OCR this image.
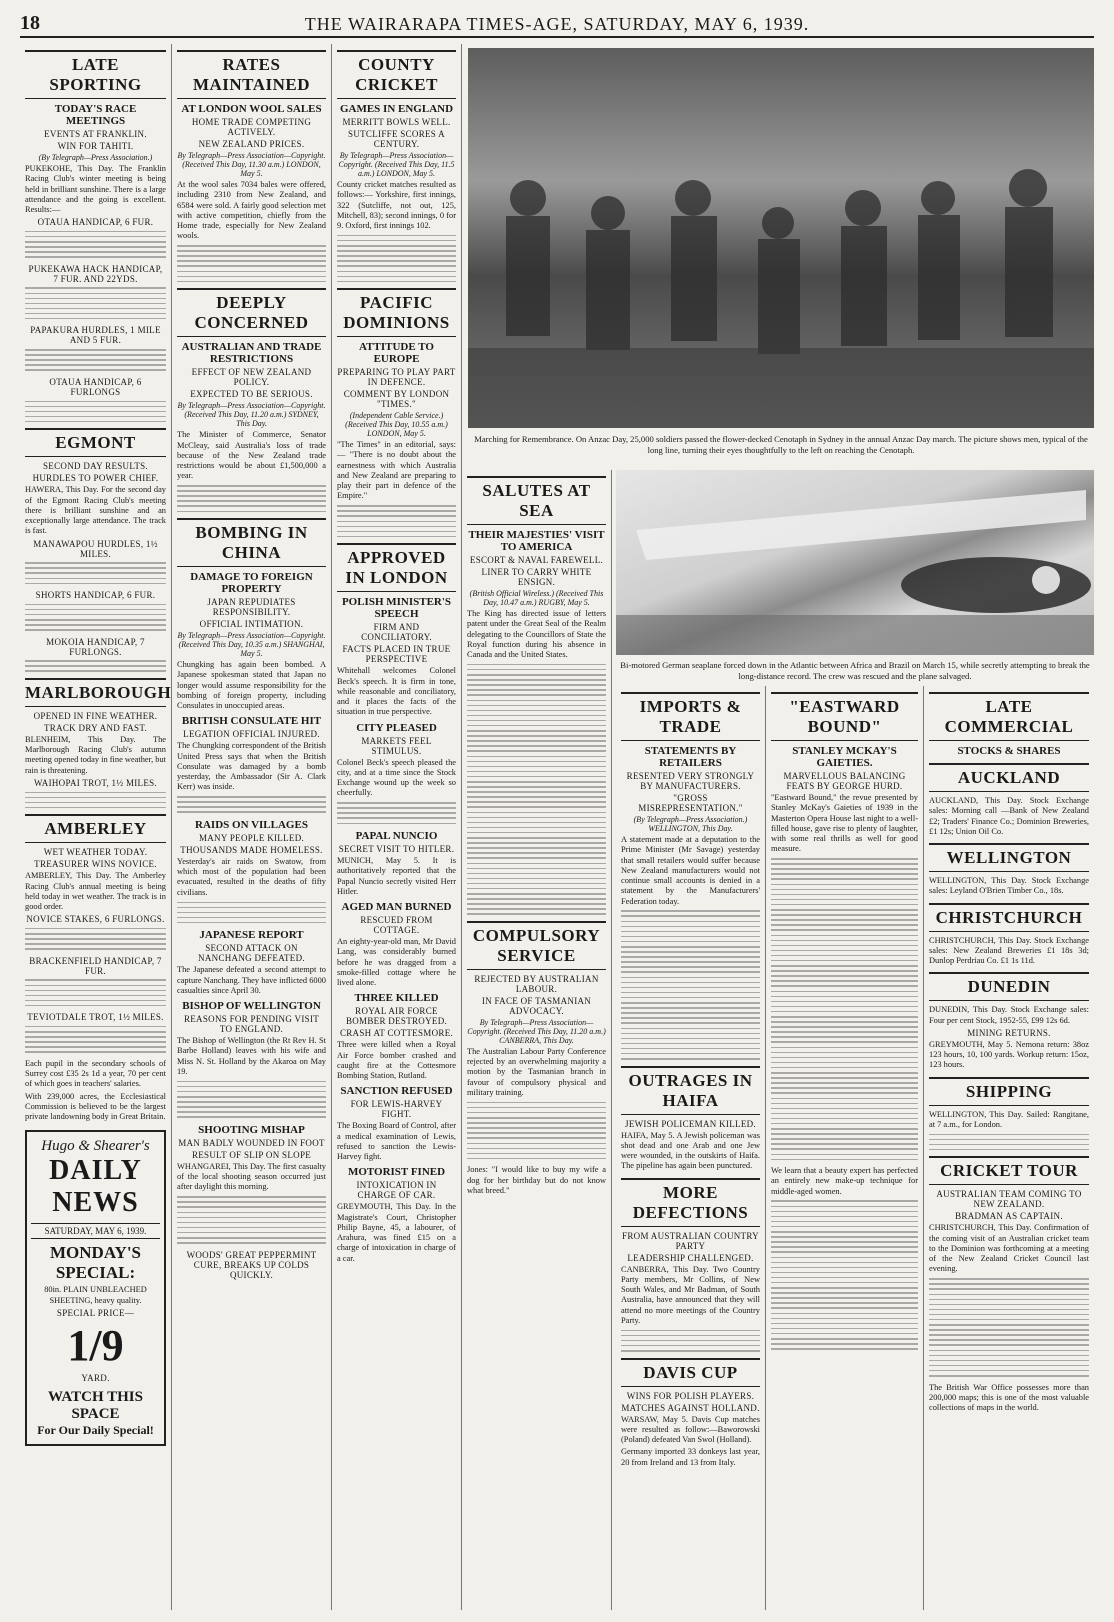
18	THE WAIRARAPA TIMES-AGE, SATURDAY, MAY 6, 1939.
LATE SPORTING
TODAY'S RACE MEETINGS
EVENTS AT FRANKLIN.
WIN FOR TAHITI.
(By Telegraph—Press Association.)
PUKEKOHE, This Day. The Franklin Racing Club's winter meeting is being held in brilliant sunshine. There is a large attendance and the going is excellent. Results:—
OTAUA HANDICAP, 6 FUR.
PUKEKAWA HACK HANDICAP, 7 FUR. AND 22YDS.
PAPAKURA HURDLES, 1 MILE AND 5 FUR.
OTAUA HANDICAP, 6 FURLONGS
EGMONT
SECOND DAY RESULTS.
HURDLES TO POWER CHIEF.
HAWERA, This Day. For the second day of the Egmont Racing Club's meeting there is brilliant sunshine and an exceptionally large attendance. The track is fast.
MANAWAPOU HURDLES, 1½ MILES.
SHORTS HANDICAP, 6 FUR.
MOKOIA HANDICAP, 7 FURLONGS.
MARLBOROUGH
OPENED IN FINE WEATHER.
TRACK DRY AND FAST.
BLENHEIM, This Day. The Marlborough Racing Club's autumn meeting opened today in fine weather, but rain is threatening.
WAIHOPAI TROT, 1½ MILES.
AMBERLEY
WET WEATHER TODAY.
TREASURER WINS NOVICE.
AMBERLEY, This Day. The Amberley Racing Club's annual meeting is being held today in wet weather. The track is in good order.
NOVICE STAKES, 6 FURLONGS.
BRACKENFIELD HANDICAP, 7 FUR.
TEVIOTDALE TROT, 1½ MILES.
Each pupil in the secondary schools of Surrey cost £35 2s 1d a year, 70 per cent of which goes in teachers' salaries.
With 239,000 acres, the Ecclesiastical Commission is believed to be the largest private landowning body in Great Britain.
Hugo & Shearer's
DAILY NEWS
SATURDAY, MAY 6, 1939.
MONDAY'S
SPECIAL:
80in. PLAIN UNBLEACHED SHEETING, heavy quality.
SPECIAL PRICE—
1/9
YARD.
WATCH THIS SPACE
For Our Daily Special!
RATES MAINTAINED
AT LONDON WOOL SALES
HOME TRADE COMPETING ACTIVELY.
NEW ZEALAND PRICES.
By Telegraph—Press Association—Copyright. (Received This Day, 11.30 a.m.) LONDON, May 5.
At the wool sales 7034 bales were offered, including 2310 from New Zealand, and 6584 were sold. A fairly good selection met with active competition, chiefly from the Home trade, especially for New Zealand wools.
DEEPLY CONCERNED
AUSTRALIAN AND TRADE RESTRICTIONS
EFFECT OF NEW ZEALAND POLICY.
EXPECTED TO BE SERIOUS.
By Telegraph—Press Association—Copyright. (Received This Day, 11.20 a.m.) SYDNEY, This Day.
The Minister of Commerce, Senator McCleay, said Australia's loss of trade because of the New Zealand trade restrictions would be about £1,500,000 a year.
BOMBING IN CHINA
DAMAGE TO FOREIGN PROPERTY
JAPAN REPUDIATES RESPONSIBILITY.
OFFICIAL INTIMATION.
By Telegraph—Press Association—Copyright. (Received This Day, 10.35 a.m.) SHANGHAI, May 5.
Chungking has again been bombed. A Japanese spokesman stated that Japan no longer would assume responsibility for the bombing of foreign property, including Consulates in unoccupied areas.
BRITISH CONSULATE HIT
LEGATION OFFICIAL INJURED.
The Chungking correspondent of the British United Press says that when the British Consulate was damaged by a bomb yesterday, the Ambassador (Sir A. Clark Kerr) was inside.
RAIDS ON VILLAGES
MANY PEOPLE KILLED.
THOUSANDS MADE HOMELESS.
Yesterday's air raids on Swatow, from which most of the population had been evacuated, resulted in the deaths of fifty civilians.
JAPANESE REPORT
SECOND ATTACK ON NANCHANG DEFEATED.
The Japanese defeated a second attempt to capture Nanchang. They have inflicted 6000 casualties since April 30.
BISHOP OF WELLINGTON
REASONS FOR PENDING VISIT TO ENGLAND.
The Bishop of Wellington (the Rt Rev H. St Barbe Holland) leaves with his wife and Miss N. St. Holland by the Akaroa on May 19.
SHOOTING MISHAP
MAN BADLY WOUNDED IN FOOT
RESULT OF SLIP ON SLOPE
WHANGAREI, This Day. The first casualty of the local shooting season occurred just after daylight this morning.
WOODS' GREAT PEPPERMINT CURE, BREAKS UP COLDS QUICKLY.
COUNTY CRICKET
GAMES IN ENGLAND
MERRITT BOWLS WELL.
SUTCLIFFE SCORES A CENTURY.
By Telegraph—Press Association—Copyright. (Received This Day, 11.5 a.m.) LONDON, May 5.
County cricket matches resulted as follows:— Yorkshire, first innings, 322 (Sutcliffe, not out, 125, Mitchell, 83); second innings, 0 for 9. Oxford, first innings 102.
PACIFIC DOMINIONS
ATTITUDE TO EUROPE
PREPARING TO PLAY PART IN DEFENCE.
COMMENT BY LONDON "TIMES."
(Independent Cable Service.) (Received This Day, 10.55 a.m.) LONDON, May 5.
"The Times" in an editorial, says:— "There is no doubt about the earnestness with which Australia and New Zealand are preparing to play their part in defence of the Empire."
APPROVED IN LONDON
POLISH MINISTER'S SPEECH
FIRM AND CONCILIATORY.
FACTS PLACED IN TRUE PERSPECTIVE
Whitehall welcomes Colonel Beck's speech. It is firm in tone, while reasonable and conciliatory, and it places the facts of the situation in true perspective.
CITY PLEASED
MARKETS FEEL STIMULUS.
Colonel Beck's speech pleased the city, and at a time since the Stock Exchange wound up the week so cheerfully.
PAPAL NUNCIO
SECRET VISIT TO HITLER.
MUNICH, May 5. It is authoritatively reported that the Papal Nuncio secretly visited Herr Hitler.
AGED MAN BURNED
RESCUED FROM COTTAGE.
An eighty-year-old man, Mr David Lang, was considerably burned before he was dragged from a smoke-filled cottage where he lived alone.
THREE KILLED
ROYAL AIR FORCE BOMBER DESTROYED.
CRASH AT COTTESMORE.
Three were killed when a Royal Air Force bomber crashed and caught fire at the Cottesmore Bombing Station, Rutland.
SANCTION REFUSED
FOR LEWIS-HARVEY FIGHT.
The Boxing Board of Control, after a medical examination of Lewis, refused to sanction the Lewis-Harvey fight.
MOTORIST FINED
INTOXICATION IN CHARGE OF CAR.
GREYMOUTH, This Day. In the Magistrate's Court, Christopher Philip Bayne, 45, a labourer, of Arahura, was fined £15 on a charge of intoxication in charge of a car.
Marching for Remembrance. On Anzac Day, 25,000 soldiers passed the flower-decked Cenotaph in Sydney in the annual Anzac Day march. The picture shows men, typical of the long line, turning their eyes thoughtfully to the left on reaching the Cenotaph.
SALUTES AT SEA
THEIR MAJESTIES' VISIT TO AMERICA
ESCORT & NAVAL FAREWELL.
LINER TO CARRY WHITE ENSIGN.
(British Official Wireless.) (Received This Day, 10.47 a.m.) RUGBY, May 5.
The King has directed issue of letters patent under the Great Seal of the Realm delegating to the Councillors of State the Royal function during his absence in Canada and the United States.
COMPULSORY SERVICE
REJECTED BY AUSTRALIAN LABOUR.
IN FACE OF TASMANIAN ADVOCACY.
By Telegraph—Press Association—Copyright. (Received This Day, 11.20 a.m.) CANBERRA, This Day.
The Australian Labour Party Conference rejected by an overwhelming majority a motion by the Tasmanian branch in favour of compulsory physical and military training.
Jones: "I would like to buy my wife a dog for her birthday but do not know what breed."
Bi-motored German seaplane forced down in the Atlantic between Africa and Brazil on March 15, while secretly attempting to break the long-distance record. The crew was rescued and the plane salvaged.
IMPORTS & TRADE
STATEMENTS BY RETAILERS
RESENTED VERY STRONGLY BY MANUFACTURERS.
"GROSS MISREPRESENTATION."
(By Telegraph—Press Association.) WELLINGTON, This Day.
A statement made at a deputation to the Prime Minister (Mr Savage) yesterday that small retailers would suffer because New Zealand manufacturers would not continue small accounts is denied in a statement by the Manufacturers' Federation today.
OUTRAGES IN HAIFA
JEWISH POLICEMAN KILLED.
HAIFA, May 5. A Jewish policeman was shot dead and one Arab and one Jew were wounded, in the outskirts of Haifa. The pipeline has again been punctured.
MORE DEFECTIONS
FROM AUSTRALIAN COUNTRY PARTY
LEADERSHIP CHALLENGED.
CANBERRA, This Day. Two Country Party members, Mr Collins, of New South Wales, and Mr Badman, of South Australia, have announced that they will attend no more meetings of the Country Party.
DAVIS CUP
WINS FOR POLISH PLAYERS.
MATCHES AGAINST HOLLAND.
WARSAW, May 5. Davis Cup matches were resulted as follow:—Baworowski (Poland) defeated Van Swol (Holland).
Germany imported 33 donkeys last year, 20 from Ireland and 13 from Italy.
"EASTWARD BOUND"
STANLEY MCKAY'S GAIETIES.
MARVELLOUS BALANCING FEATS BY GEORGE HURD.
"Eastward Bound," the revue presented by Stanley McKay's Gaieties of 1939 in the Masterton Opera House last night to a well-filled house, gave rise to plenty of laughter, with some real thrills as well for good measure.
We learn that a beauty expert has perfected an entirely new make-up technique for middle-aged women.
LATE COMMERCIAL
STOCKS & SHARES
AUCKLAND
AUCKLAND, This Day. Stock Exchange sales: Morning call —Bank of New Zealand £2; Traders' Finance Co.; Dominion Breweries, £1 12s; Union Oil Co.
WELLINGTON
WELLINGTON, This Day. Stock Exchange sales: Leyland O'Brien Timber Co., 18s.
CHRISTCHURCH
CHRISTCHURCH, This Day. Stock Exchange sales: New Zealand Breweries £1 18s 3d; Dunlop Perdriau Co. £1 1s 11d.
DUNEDIN
DUNEDIN, This Day. Stock Exchange sales: Four per cent Stock, 1952-55, £99 12s 6d.
MINING RETURNS.
GREYMOUTH, May 5. Nemona return: 38oz 123 hours, 10, 100 yards. Workup return: 15oz, 123 hours.
SHIPPING
WELLINGTON, This Day. Sailed: Rangitane, at 7 a.m., for London.
CRICKET TOUR
AUSTRALIAN TEAM COMING TO NEW ZEALAND.
BRADMAN AS CAPTAIN.
CHRISTCHURCH, This Day. Confirmation of the coming visit of an Australian cricket team to the Dominion was forthcoming at a meeting of the New Zealand Cricket Council last evening.
The British War Office possesses more than 200,000 maps; this is one of the most valuable collections of maps in the world.
